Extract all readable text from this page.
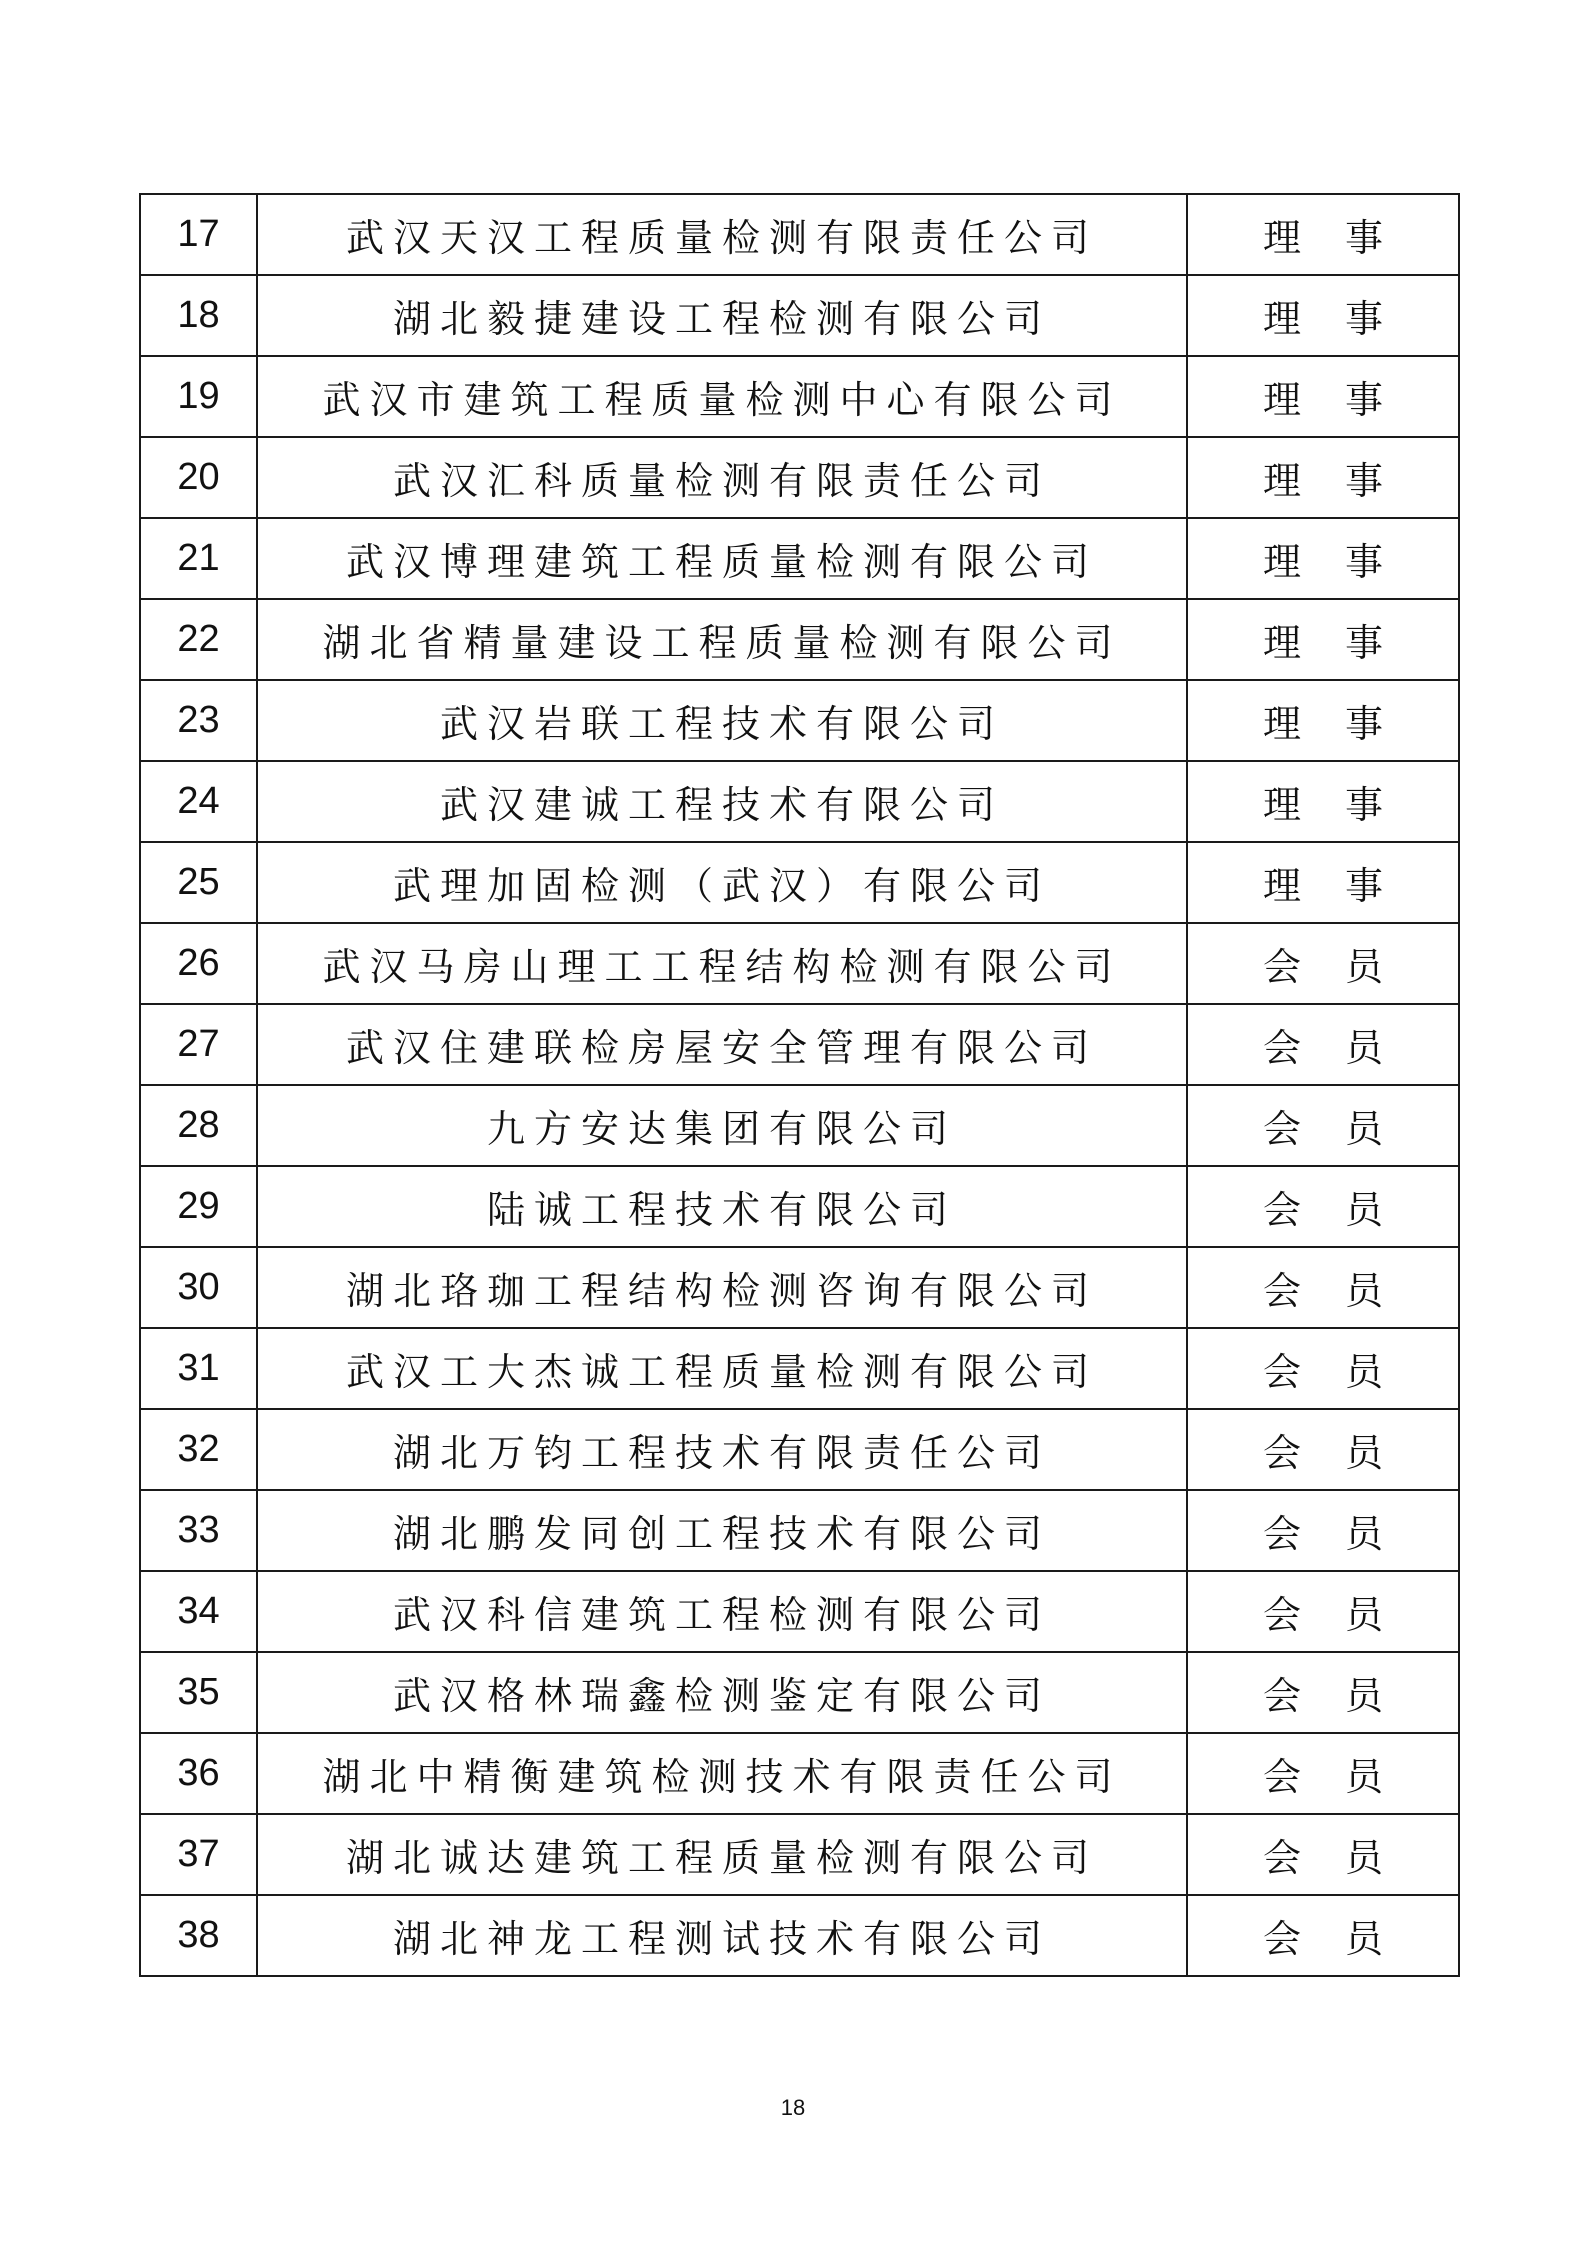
17	武汉天汉工程质量检测有限责任公司	理事
18	湖北毅捷建设工程检测有限公司	理事
19	武汉市建筑工程质量检测中心有限公司	理事
20	武汉汇科质量检测有限责任公司	理事
21	武汉博理建筑工程质量检测有限公司	理事
22	湖北省精量建设工程质量检测有限公司	理事
23	武汉岩联工程技术有限公司	理事
24	武汉建诚工程技术有限公司	理事
25	武理加固检测（武汉）有限公司	理事
26	武汉马房山理工工程结构检测有限公司	会员
27	武汉住建联检房屋安全管理有限公司	会员
28	九方安达集团有限公司	会员
29	陆诚工程技术有限公司	会员
30	湖北珞珈工程结构检测咨询有限公司	会员
31	武汉工大杰诚工程质量检测有限公司	会员
32	湖北万钧工程技术有限责任公司	会员
33	湖北鹏发同创工程技术有限公司	会员
34	武汉科信建筑工程检测有限公司	会员
35	武汉格林瑞鑫检测鉴定有限公司	会员
36	湖北中精衡建筑检测技术有限责任公司	会员
37	湖北诚达建筑工程质量检测有限公司	会员
38	湖北神龙工程测试技术有限公司	会员
18
